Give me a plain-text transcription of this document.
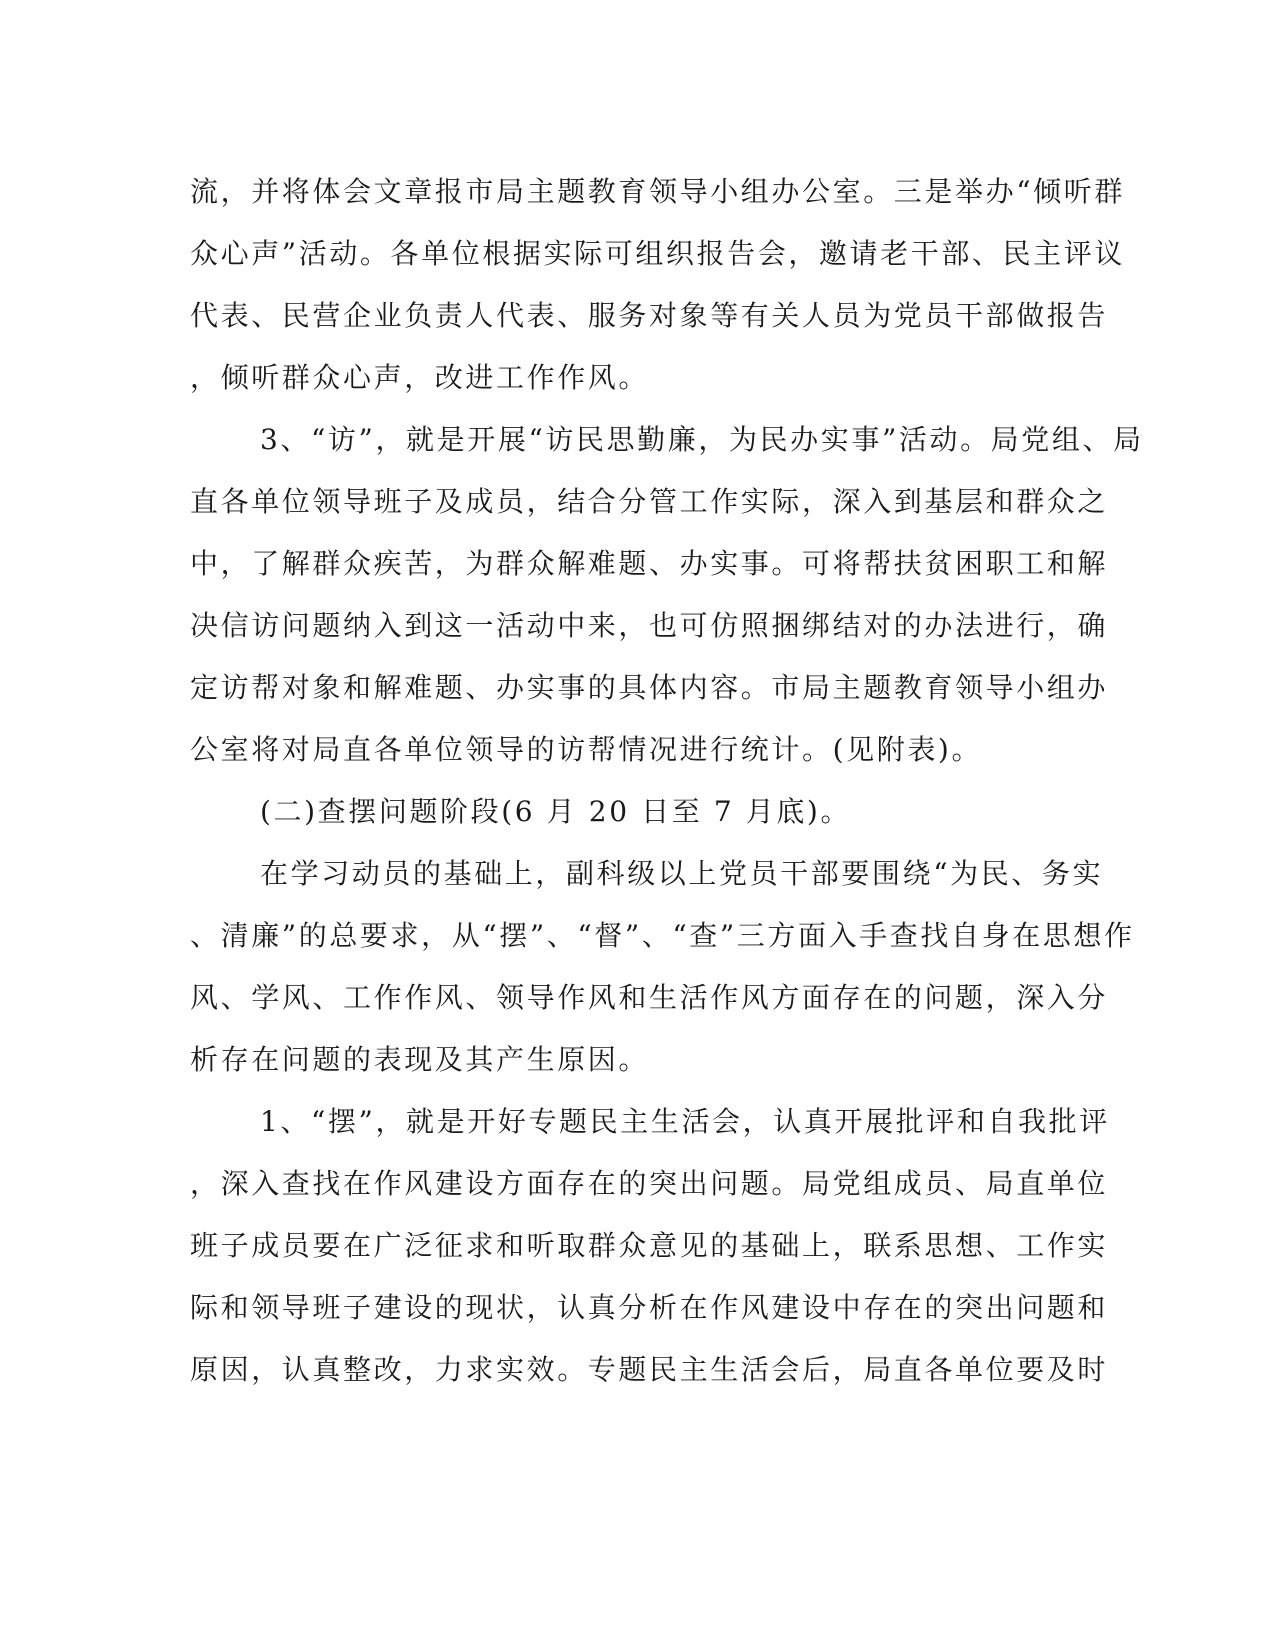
流，并将体会文章报市局主题教育领导小组办公室。三是举办“倾听群
众心声”活动。各单位根据实际可组织报告会，邀请老干部、民主评议
代表、民营企业负责人代表、服务对象等有关人员为党员干部做报告
，倾听群众心声，改进工作作风。
3、“访”，就是开展“访民思勤廉，为民办实事”活动。局党组、局
直各单位领导班子及成员，结合分管工作实际，深入到基层和群众之
中，了解群众疾苦，为群众解难题、办实事。可将帮扶贫困职工和解
决信访问题纳入到这一活动中来，也可仿照捆绑结对的办法进行，确
定访帮对象和解难题、办实事的具体内容。市局主题教育领导小组办
公室将对局直各单位领导的访帮情况进行统计。(见附表)。
(二)查摆问题阶段(6 月 20 日至 7 月底)。
在学习动员的基础上，副科级以上党员干部要围绕“为民、务实
、清廉”的总要求，从“摆”、“督”、“查”三方面入手查找自身在思想作
风、学风、工作作风、领导作风和生活作风方面存在的问题，深入分
析存在问题的表现及其产生原因。
1、“摆”，就是开好专题民主生活会，认真开展批评和自我批评
，深入查找在作风建设方面存在的突出问题。局党组成员、局直单位
班子成员要在广泛征求和听取群众意见的基础上，联系思想、工作实
际和领导班子建设的现状，认真分析在作风建设中存在的突出问题和
原因，认真整改，力求实效。专题民主生活会后，局直各单位要及时
